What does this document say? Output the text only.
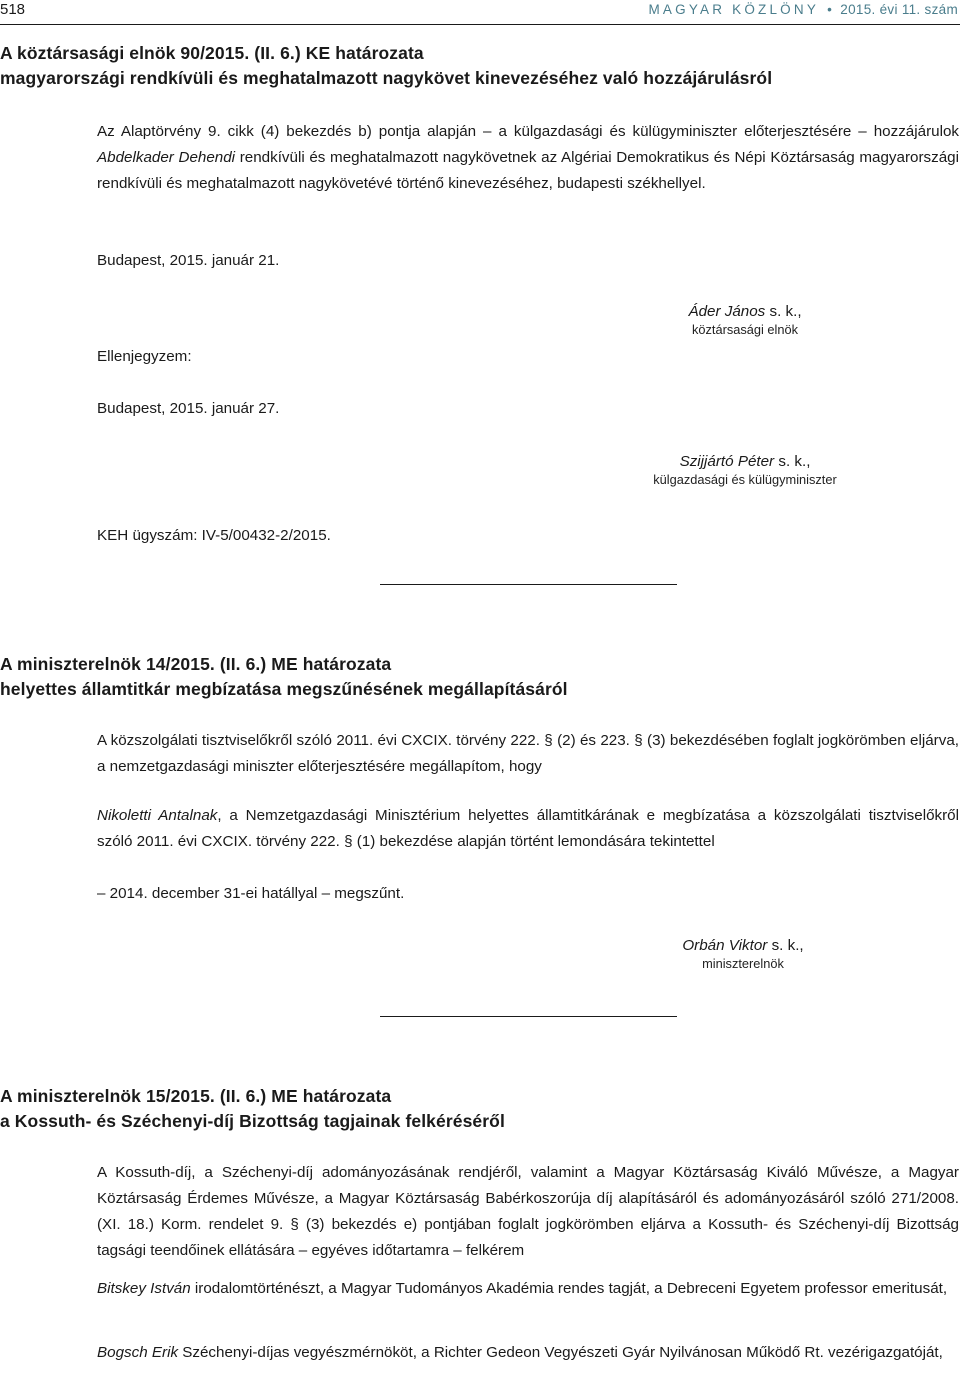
518	MAGYAR KÖZLÖNY  •  2015. évi 11. szám
A köztársasági elnök 90/2015. (II. 6.) KE határozata
magyarországi rendkívüli és meghatalmazott nagykövet kinevezéséhez való hozzájárulásról
Az Alaptörvény 9. cikk (4) bekezdés b) pontja alapján – a külgazdasági és külügyminiszter előterjesztésére – hozzájárulok Abdelkader Dehendi rendkívüli és meghatalmazott nagykövetnek az Algériai Demokratikus és Népi Köztársaság magyarországi rendkívüli és meghatalmazott nagykövetévé történő kinevezéséhez, budapesti székhellyel.
Budapest, 2015. január 21.
Áder János s. k.,
köztársasági elnök
Ellenjegyzem:
Budapest, 2015. január 27.
Szijjártó Péter s. k.,
külgazdasági és külügyminiszter
KEH ügyszám: IV-5/00432-2/2015.
A miniszterelnök 14/2015. (II. 6.) ME határozata
helyettes államtitkár megbízatása megszűnésének megállapításáról
A közszolgálati tisztviselőkről szóló 2011. évi CXCIX. törvény 222. § (2) és 223. § (3) bekezdésében foglalt jogkörömben eljárva, a nemzetgazdasági miniszter előterjesztésére megállapítom, hogy
Nikoletti Antalnak, a Nemzetgazdasági Minisztérium helyettes államtitkárának e megbízatása a közszolgálati tisztviselőkről szóló 2011. évi CXCIX. törvény 222. § (1) bekezdése alapján történt lemondására tekintettel
– 2014. december 31-ei hatállyal – megszűnt.
Orbán Viktor s. k.,
miniszterelnök
A miniszterelnök 15/2015. (II. 6.) ME határozata
a Kossuth- és Széchenyi-díj Bizottság tagjainak felkéréséről
A Kossuth-díj, a Széchenyi-díj adományozásának rendjéről, valamint a Magyar Köztársaság Kiváló Művésze, a Magyar Köztársaság Érdemes Művésze, a Magyar Köztársaság Babérkoszorúja díj alapításáról és adományozásáról szóló 271/2008. (XI. 18.) Korm. rendelet 9. § (3) bekezdés e) pontjában foglalt jogkörömben eljárva a Kossuth- és Széchenyi-díj Bizottság tagsági teendőinek ellátására – egyéves időtartamra – felkérem
Bitskey István irodalomtörténészt, a Magyar Tudományos Akadémia rendes tagját, a Debreceni Egyetem professor emeritusát,
Bogsch Erik Széchenyi-díjas vegyészmérnököt, a Richter Gedeon Vegyészeti Gyár Nyilvánosan Működő Rt. vezérigazgatóját,
